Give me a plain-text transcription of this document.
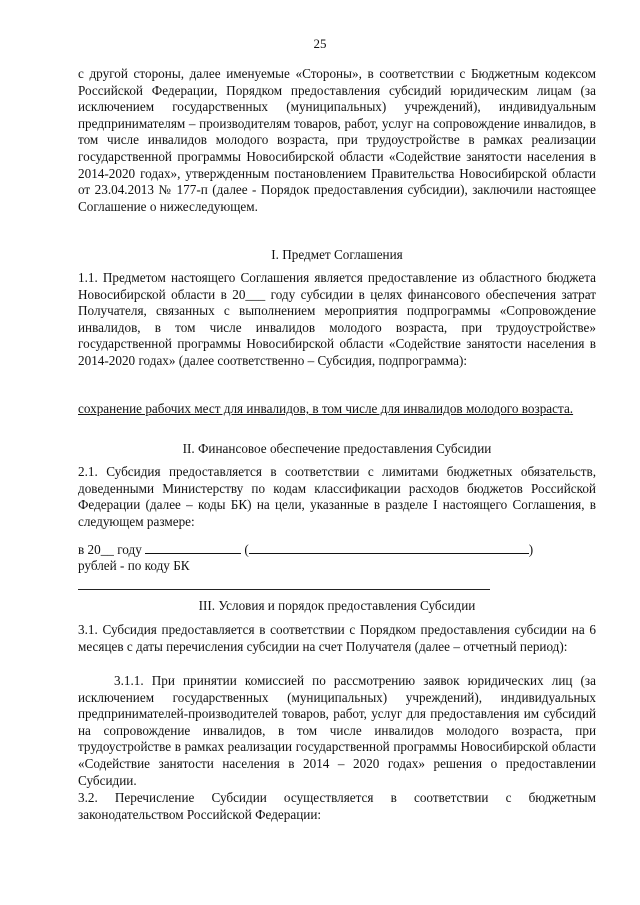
25
с другой стороны, далее именуемые «Стороны», в соответствии с Бюджетным кодексом Российской Федерации, Порядком предоставления субсидий юридическим лицам (за исключением государственных (муниципальных) учреждений), индивидуальным предпринимателям – производителям товаров, работ, услуг на сопровождение инвалидов, в том числе инвалидов молодого возраста, при трудоустройстве в рамках реализации государственной программы Новосибирской области «Содействие занятости населения в 2014-2020 годах», утвержденным постановлением Правительства Новосибирской области от 23.04.2013 № 177-п (далее - Порядок предоставления субсидии), заключили настоящее Соглашение о нижеследующем.
I. Предмет Соглашения
1.1. Предметом настоящего Соглашения является предоставление из областного бюджета Новосибирской области в 20___ году субсидии в целях финансового обеспечения затрат Получателя, связанных с выполнением мероприятия подпрограммы «Сопровождение инвалидов, в том числе инвалидов молодого возраста, при трудоустройстве» государственной программы Новосибирской области «Содействие занятости населения в 2014-2020 годах» (далее соответственно – Субсидия, подпрограмма):
сохранение рабочих мест для инвалидов, в том числе для инвалидов молодого возраста.
II. Финансовое обеспечение предоставления Субсидии
2.1. Субсидия предоставляется в соответствии с лимитами бюджетных обязательств, доведенными Министерству по кодам классификации расходов бюджетов Российской Федерации (далее – коды БК) на цели, указанные в разделе I настоящего Соглашения, в следующем размере:
в 20__ году	(	)
рублей - по коду БК
III. Условия и порядок предоставления Субсидии
3.1. Субсидия предоставляется в соответствии с Порядком предоставления субсидии на 6 месяцев с даты перечисления субсидии на счет Получателя (далее – отчетный период):
3.1.1. При принятии комиссией по рассмотрению заявок юридических лиц (за исключением государственных (муниципальных) учреждений), индивидуальных предпринимателей-производителей товаров, работ, услуг для предоставления им субсидий на сопровождение инвалидов, в том числе инвалидов молодого возраста, при трудоустройстве в рамках реализации государственной программы Новосибирской области «Содействие занятости населения в 2014 – 2020 годах» решения о предоставлении Субсидии.
3.2. Перечисление Субсидии осуществляется в соответствии с бюджетным законодательством Российской Федерации:
